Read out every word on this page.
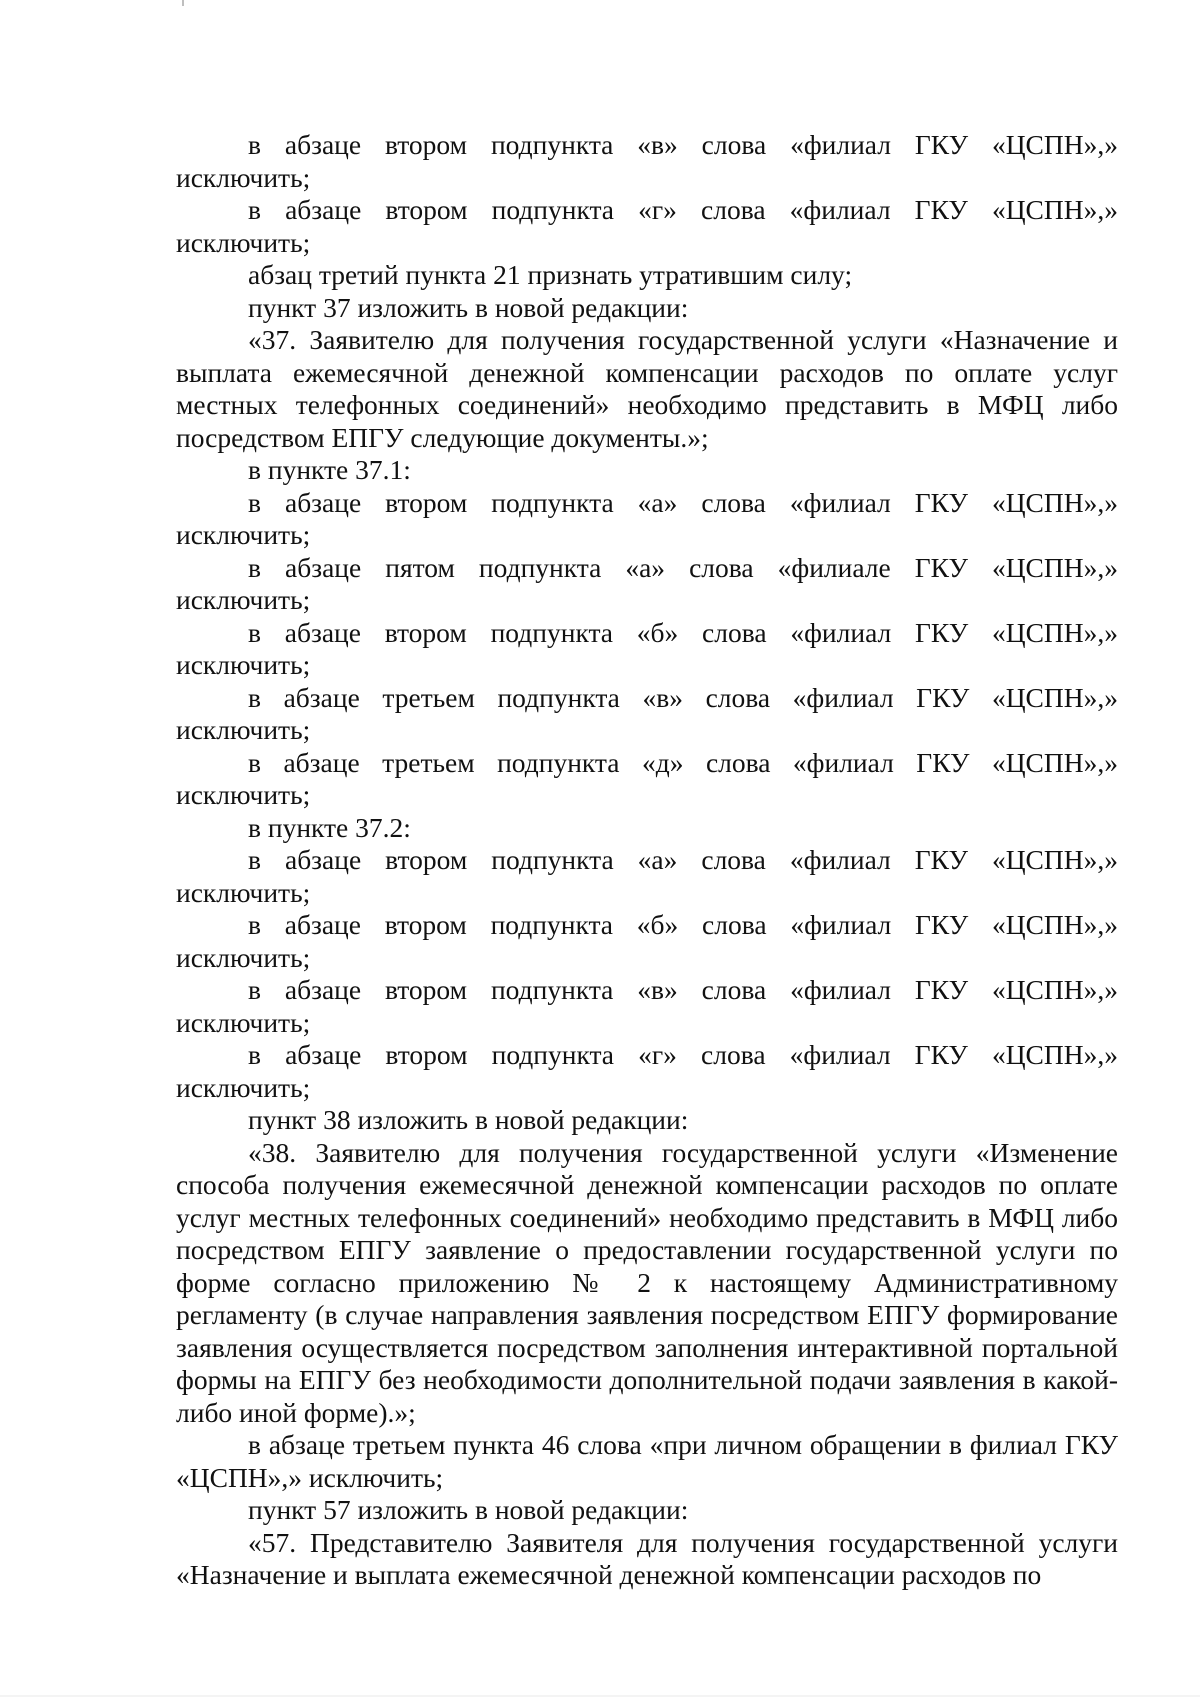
в абзаце втором подпункта «в» слова «филиал ГКУ «ЦСПН»,» исключить;

в абзаце втором подпункта «г» слова «филиал ГКУ «ЦСПН»,» исключить;

абзац третий пункта 21 признать утратившим силу;

пункт 37 изложить в новой редакции:

«37. Заявителю для получения государственной услуги «Назначение и выплата ежемесячной денежной компенсации расходов по оплате услуг местных телефонных соединений» необходимо представить в МФЦ либо посредством ЕПГУ следующие документы.»;

в пункте 37.1:

в абзаце втором подпункта «а» слова «филиал ГКУ «ЦСПН»,» исключить;

в абзаце пятом подпункта «а» слова «филиале ГКУ «ЦСПН»,» исключить;

в абзаце втором подпункта «б» слова «филиал ГКУ «ЦСПН»,» исключить;

в абзаце третьем подпункта «в» слова «филиал ГКУ «ЦСПН»,» исключить;

в абзаце третьем подпункта «д» слова «филиал ГКУ «ЦСПН»,» исключить;

в пункте 37.2:

в абзаце втором подпункта «а» слова «филиал ГКУ «ЦСПН»,» исключить;

в абзаце втором подпункта «б» слова «филиал ГКУ «ЦСПН»,» исключить;

в абзаце втором подпункта «в» слова «филиал ГКУ «ЦСПН»,» исключить;

в абзаце втором подпункта «г» слова «филиал ГКУ «ЦСПН»,» исключить;

пункт 38 изложить в новой редакции:

«38. Заявителю для получения государственной услуги «Изменение способа получения ежемесячной денежной компенсации расходов по оплате услуг местных телефонных соединений» необходимо представить в МФЦ либо посредством ЕПГУ заявление о предоставлении государственной услуги по форме согласно приложению № 2 к настоящему Административному регламенту (в случае направления заявления посредством ЕПГУ формирование заявления осуществляется посредством заполнения интерактивной портальной формы на ЕПГУ без необходимости дополнительной подачи заявления в какой-либо иной форме).»;

в абзаце третьем пункта 46 слова «при личном обращении в филиал ГКУ «ЦСПН»,» исключить;

пункт 57 изложить в новой редакции:

«57. Представителю Заявителя для получения государственной услуги «Назначение и выплата ежемесячной денежной компенсации расходов по
